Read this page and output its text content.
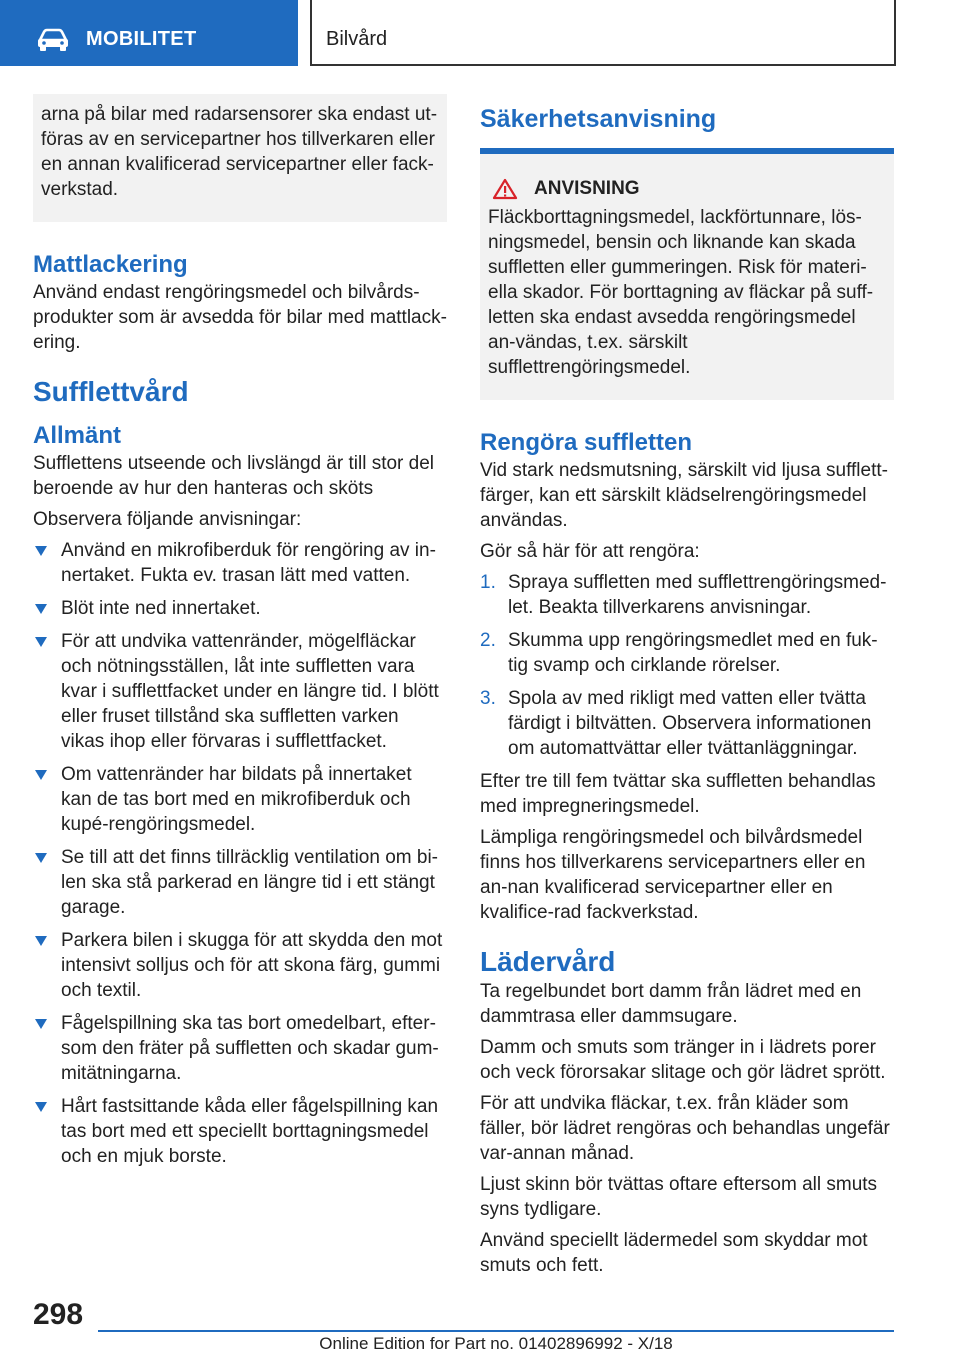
MOBILITET	Bilvård

arna på bilar med radarsensorer ska endast ut-föras av en servicepartner hos tillverkaren eller en annan kvalificerad servicepartner eller fack-verkstad.

Mattlackering

Använd endast rengöringsmedel och bilvårds-produkter som är avsedda för bilar med mattlack-ering.

Sufflettvård
Allmänt

Sufflettens utseende och livslängd är till stor del beroende av hur den hanteras och sköts

Observera följande anvisningar:

Använd en mikrofiberduk för rengöring av in-nertaket. Fukta ev. trasan lätt med vatten.
Blöt inte ned innertaket.
För att undvika vattenränder, mögelfläckar och nötningsställen, låt inte suffletten vara kvar i sufflettfacket under en längre tid. I blött eller fruset tillstånd ska suffletten varken vikas ihop eller förvaras i sufflettfacket.
Om vattenränder har bildats på innertaket kan de tas bort med en mikrofiberduk och kupé-rengöringsmedel.
Se till att det finns tillräcklig ventilation om bi-len ska stå parkerad en längre tid i ett stängt garage.
Parkera bilen i skugga för att skydda den mot intensivt solljus och för att skona färg, gummi och textil.
Fågelspillning ska tas bort omedelbart, efter-som den fräter på suffletten och skadar gum-mitätningarna.
Hårt fastsittande kåda eller fågelspillning kan tas bort med ett speciellt borttagningsmedel och en mjuk borste.
Säkerhetsanvisning
ANVISNING

Fläckborttagningsmedel, lackförtunnare, lös-ningsmedel, bensin och liknande kan skada suffletten eller gummeringen. Risk för materi-ella skador. För borttagning av fläckar på suff-letten ska endast avsedda rengöringsmedel an-vändas, t.ex. särskilt sufflettrengöringsmedel.

Rengöra suffletten

Vid stark nedsmutsning, särskilt vid ljusa sufflett-färger, kan ett särskilt klädselrengöringsmedel användas.

Gör så här för att rengöra:

1. Spraya suffletten med sufflettrengöringsmed-let. Beakta tillverkarens anvisningar.
2. Skumma upp rengöringsmedlet med en fuk-tig svamp och cirklande rörelser.
3. Spola av med rikligt med vatten eller tvätta färdigt i biltvätten. Observera informationen om automattvättar eller tvättanläggningar.

Efter tre till fem tvättar ska suffletten behandlas med impregneringsmedel.

Lämpliga rengöringsmedel och bilvårdsmedel finns hos tillverkarens servicepartners eller en an-nan kvalificerad servicepartner eller en kvalifice-rad fackverkstad.

Lädervård

Ta regelbundet bort damm från lädret med en dammtrasa eller dammsugare.

Damm och smuts som tränger in i lädrets porer och veck förorsakar slitage och gör lädret sprött.

För att undvika fläckar, t.ex. från kläder som fäller, bör lädret rengöras och behandlas ungefär var-annan månad.

Ljust skinn bör tvättas oftare eftersom all smuts syns tydligare.

Använd speciellt lädermedel som skyddar mot smuts och fett.

298
Online Edition for Part no. 01402896992 - X/18
